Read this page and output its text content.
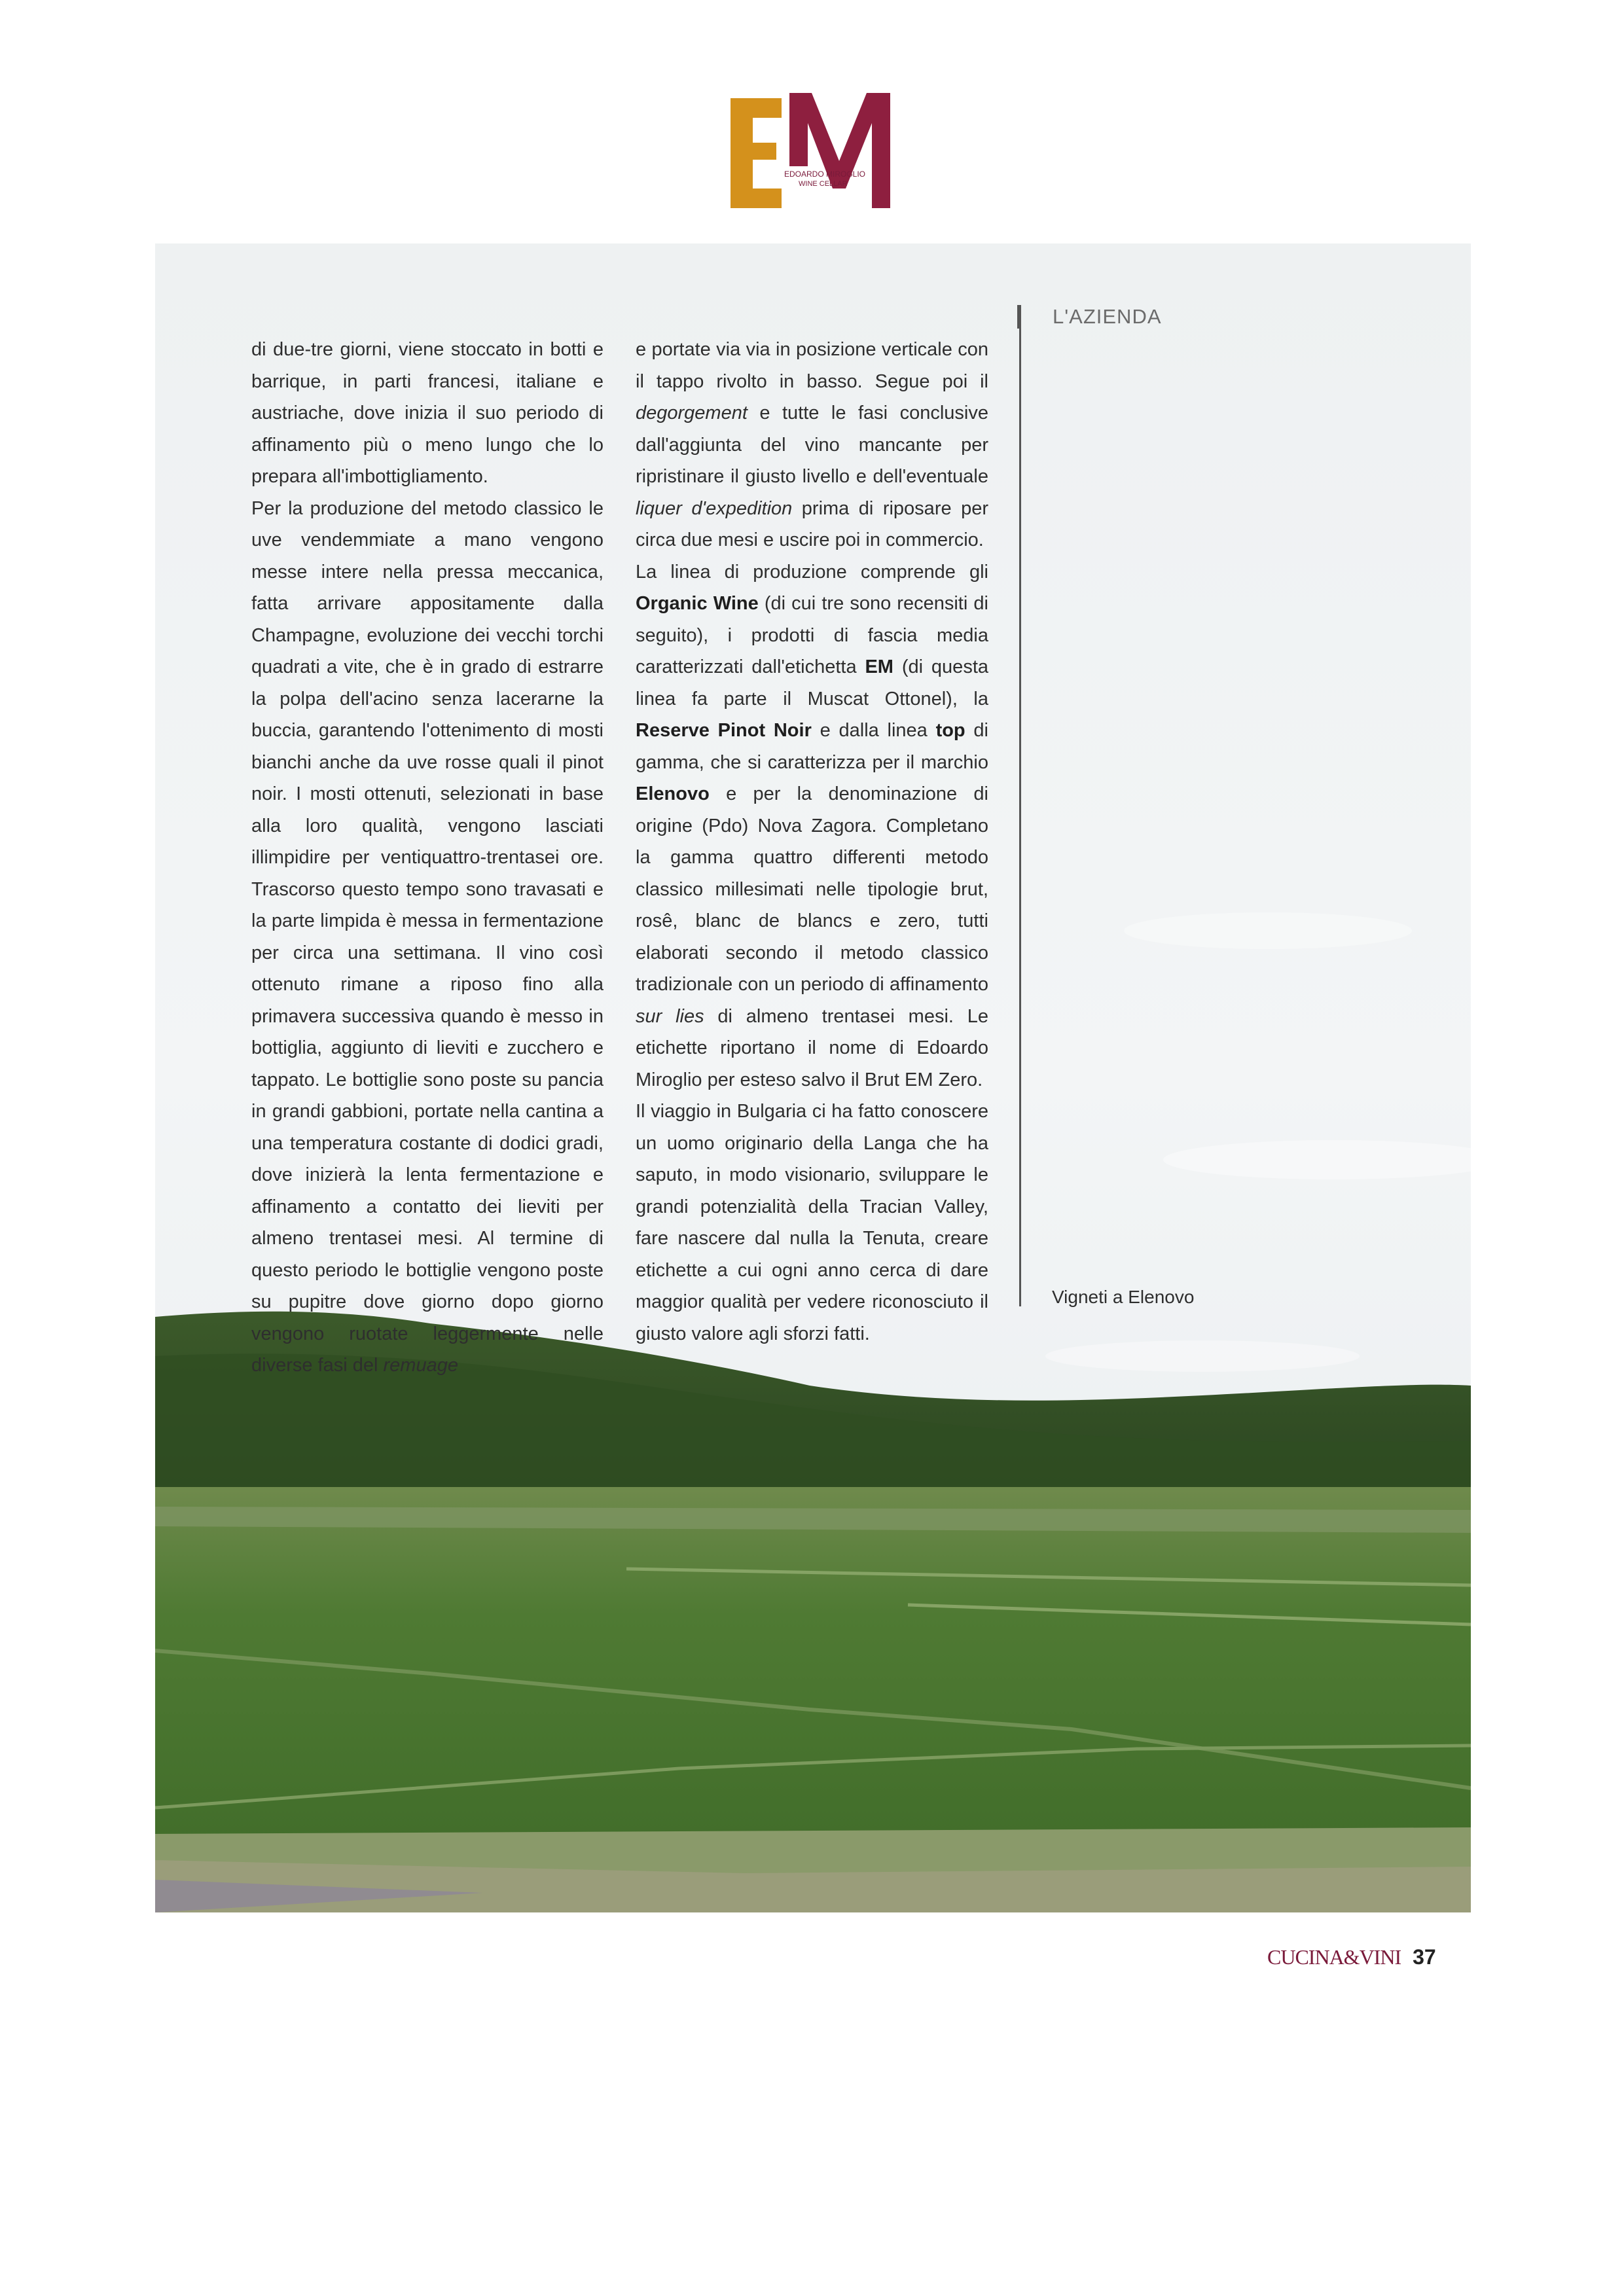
EDOARDO MIROGLIO
WINE CELLAR

di due-tre giorni, viene stoccato in botti e barrique, in parti francesi, italiane e austriache, dove inizia il suo periodo di affinamento più o meno lungo che lo prepara all'imbottigliamento.

Per la produzione del metodo classico le uve vendemmiate a mano vengono messe intere nella pressa meccanica, fatta arrivare appositamente dalla Champagne, evoluzione dei vecchi torchi quadrati a vite, che è in grado di estrarre la polpa dell'acino senza lacerarne la buccia, garantendo l'ottenimento di mosti bianchi anche da uve rosse quali il pinot noir. I mosti ottenuti, selezionati in base alla loro qualità, vengono lasciati illimpidire per ventiquattro-trentasei ore. Trascorso questo tempo sono travasati e la parte limpida è messa in fermentazione per circa una settimana. Il vino così ottenuto rimane a riposo fino alla primavera successiva quando è messo in bottiglia, aggiunto di lieviti e zucchero e tappato. Le bottiglie sono poste su pancia in grandi gabbioni, portate nella cantina a una temperatura costante di dodici gradi, dove inizierà la lenta fermentazione e affinamento a contatto dei lieviti per almeno trentasei mesi. Al termine di questo periodo le bottiglie vengono poste su pupitre dove giorno dopo giorno vengono ruotate leggermente nelle diverse fasi del remuage

e portate via via in posizione verticale con il tappo rivolto in basso. Segue poi il degorgement e tutte le fasi conclusive dall'aggiunta del vino mancante per ripristinare il giusto livello e dell'eventuale liquer d'expedition prima di riposare per circa due mesi e uscire poi in commercio.

La linea di produzione comprende gli Organic Wine (di cui tre sono recensiti di seguito), i prodotti di fascia media caratterizzati dall'etichetta EM (di questa linea fa parte il Muscat Ottonel), la Reserve Pinot Noir e dalla linea top di gamma, che si caratterizza per il marchio Elenovo e per la denominazione di origine (Pdo) Nova Zagora. Completano la gamma quattro differenti metodo classico millesimati nelle tipologie brut, rosê, blanc de blancs e zero, tutti elaborati secondo il metodo classico tradizionale con un periodo di affinamento sur lies di almeno trentasei mesi. Le etichette riportano il nome di Edoardo Miroglio per esteso salvo il Brut EM Zero.

Il viaggio in Bulgaria ci ha fatto conoscere un uomo originario della Langa che ha saputo, in modo visionario, sviluppare le grandi potenzialità della Tracian Valley, fare nascere dal nulla la Tenuta, creare etichette a cui ogni anno cerca di dare maggior qualità per vedere riconosciuto il giusto valore agli sforzi fatti.

L'AZIENDA
Vigneti a Elenovo
CUCINA&VINI 37
